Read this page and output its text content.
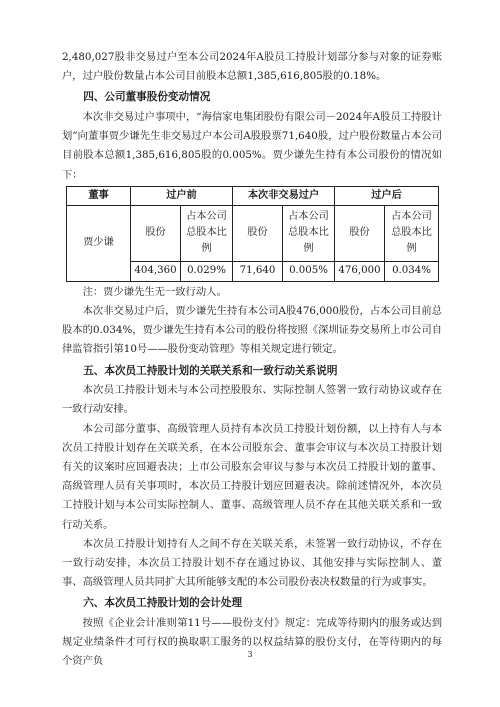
2,480,027股非交易过户至本公司2024年A股员工持股计划部分参与对象的证券账户，过户股份数量占本公司目前股本总额1,385,616,805股的0.18%。

四、公司董事股份变动情况

本次非交易过户事项中，“海信家电集团股份有限公司－2024年A股员工持股计划”向董事贾少谦先生非交易过户本公司A股股票71,640股，过户股份数量占本公司目前股本总额1,385,616,805股的0.005%。贾少谦先生持有本公司股份的情况如下：

董事	过户前		本次非交易过户		过户后	
贾少谦	股份	占本公司总股本比例	股份	占本公司总股本比例	股份	占本公司总股本比例
	404,360	0.029%	71,640	0.005%	476,000	0.034%

注：贾少谦先生无一致行动人。

本次非交易过户后，贾少谦先生持有本公司A股476,000股份，占本公司目前总股本的0.034%，贾少谦先生持有本公司的股份将按照《深圳证券交易所上市公司自律监管指引第10号——股份变动管理》等相关规定进行锁定。

五、本次员工持股计划的关联关系和一致行动关系说明

本次员工持股计划未与本公司控股股东、实际控制人签署一致行动协议或存在一致行动安排。

本公司部分董事、高级管理人员持有本次员工持股计划份额，以上持有人与本次员工持股计划存在关联关系，在本公司股东会、董事会审议与本次员工持股计划有关的议案时应回避表决；上市公司股东会审议与参与本次员工持股计划的董事、高级管理人员有关事项时，本次员工持股计划应回避表决。除前述情况外，本次员工持股计划与本公司实际控制人、董事、高级管理人员不存在其他关联关系和一致行动关系。

本次员工持股计划持有人之间不存在关联关系，未签署一致行动协议，不存在一致行动安排，本次员工持股计划不存在通过协议、其他安排与实际控制人、董事、高级管理人员共同扩大其所能够支配的本公司股份表决权数量的行为或事实。

六、本次员工持股计划的会计处理

按照《企业会计准则第11号——股份支付》规定：完成等待期内的服务或达到规定业绩条件才可行权的换取职工服务的以权益结算的股份支付，在等待期内的每个资产负

3
